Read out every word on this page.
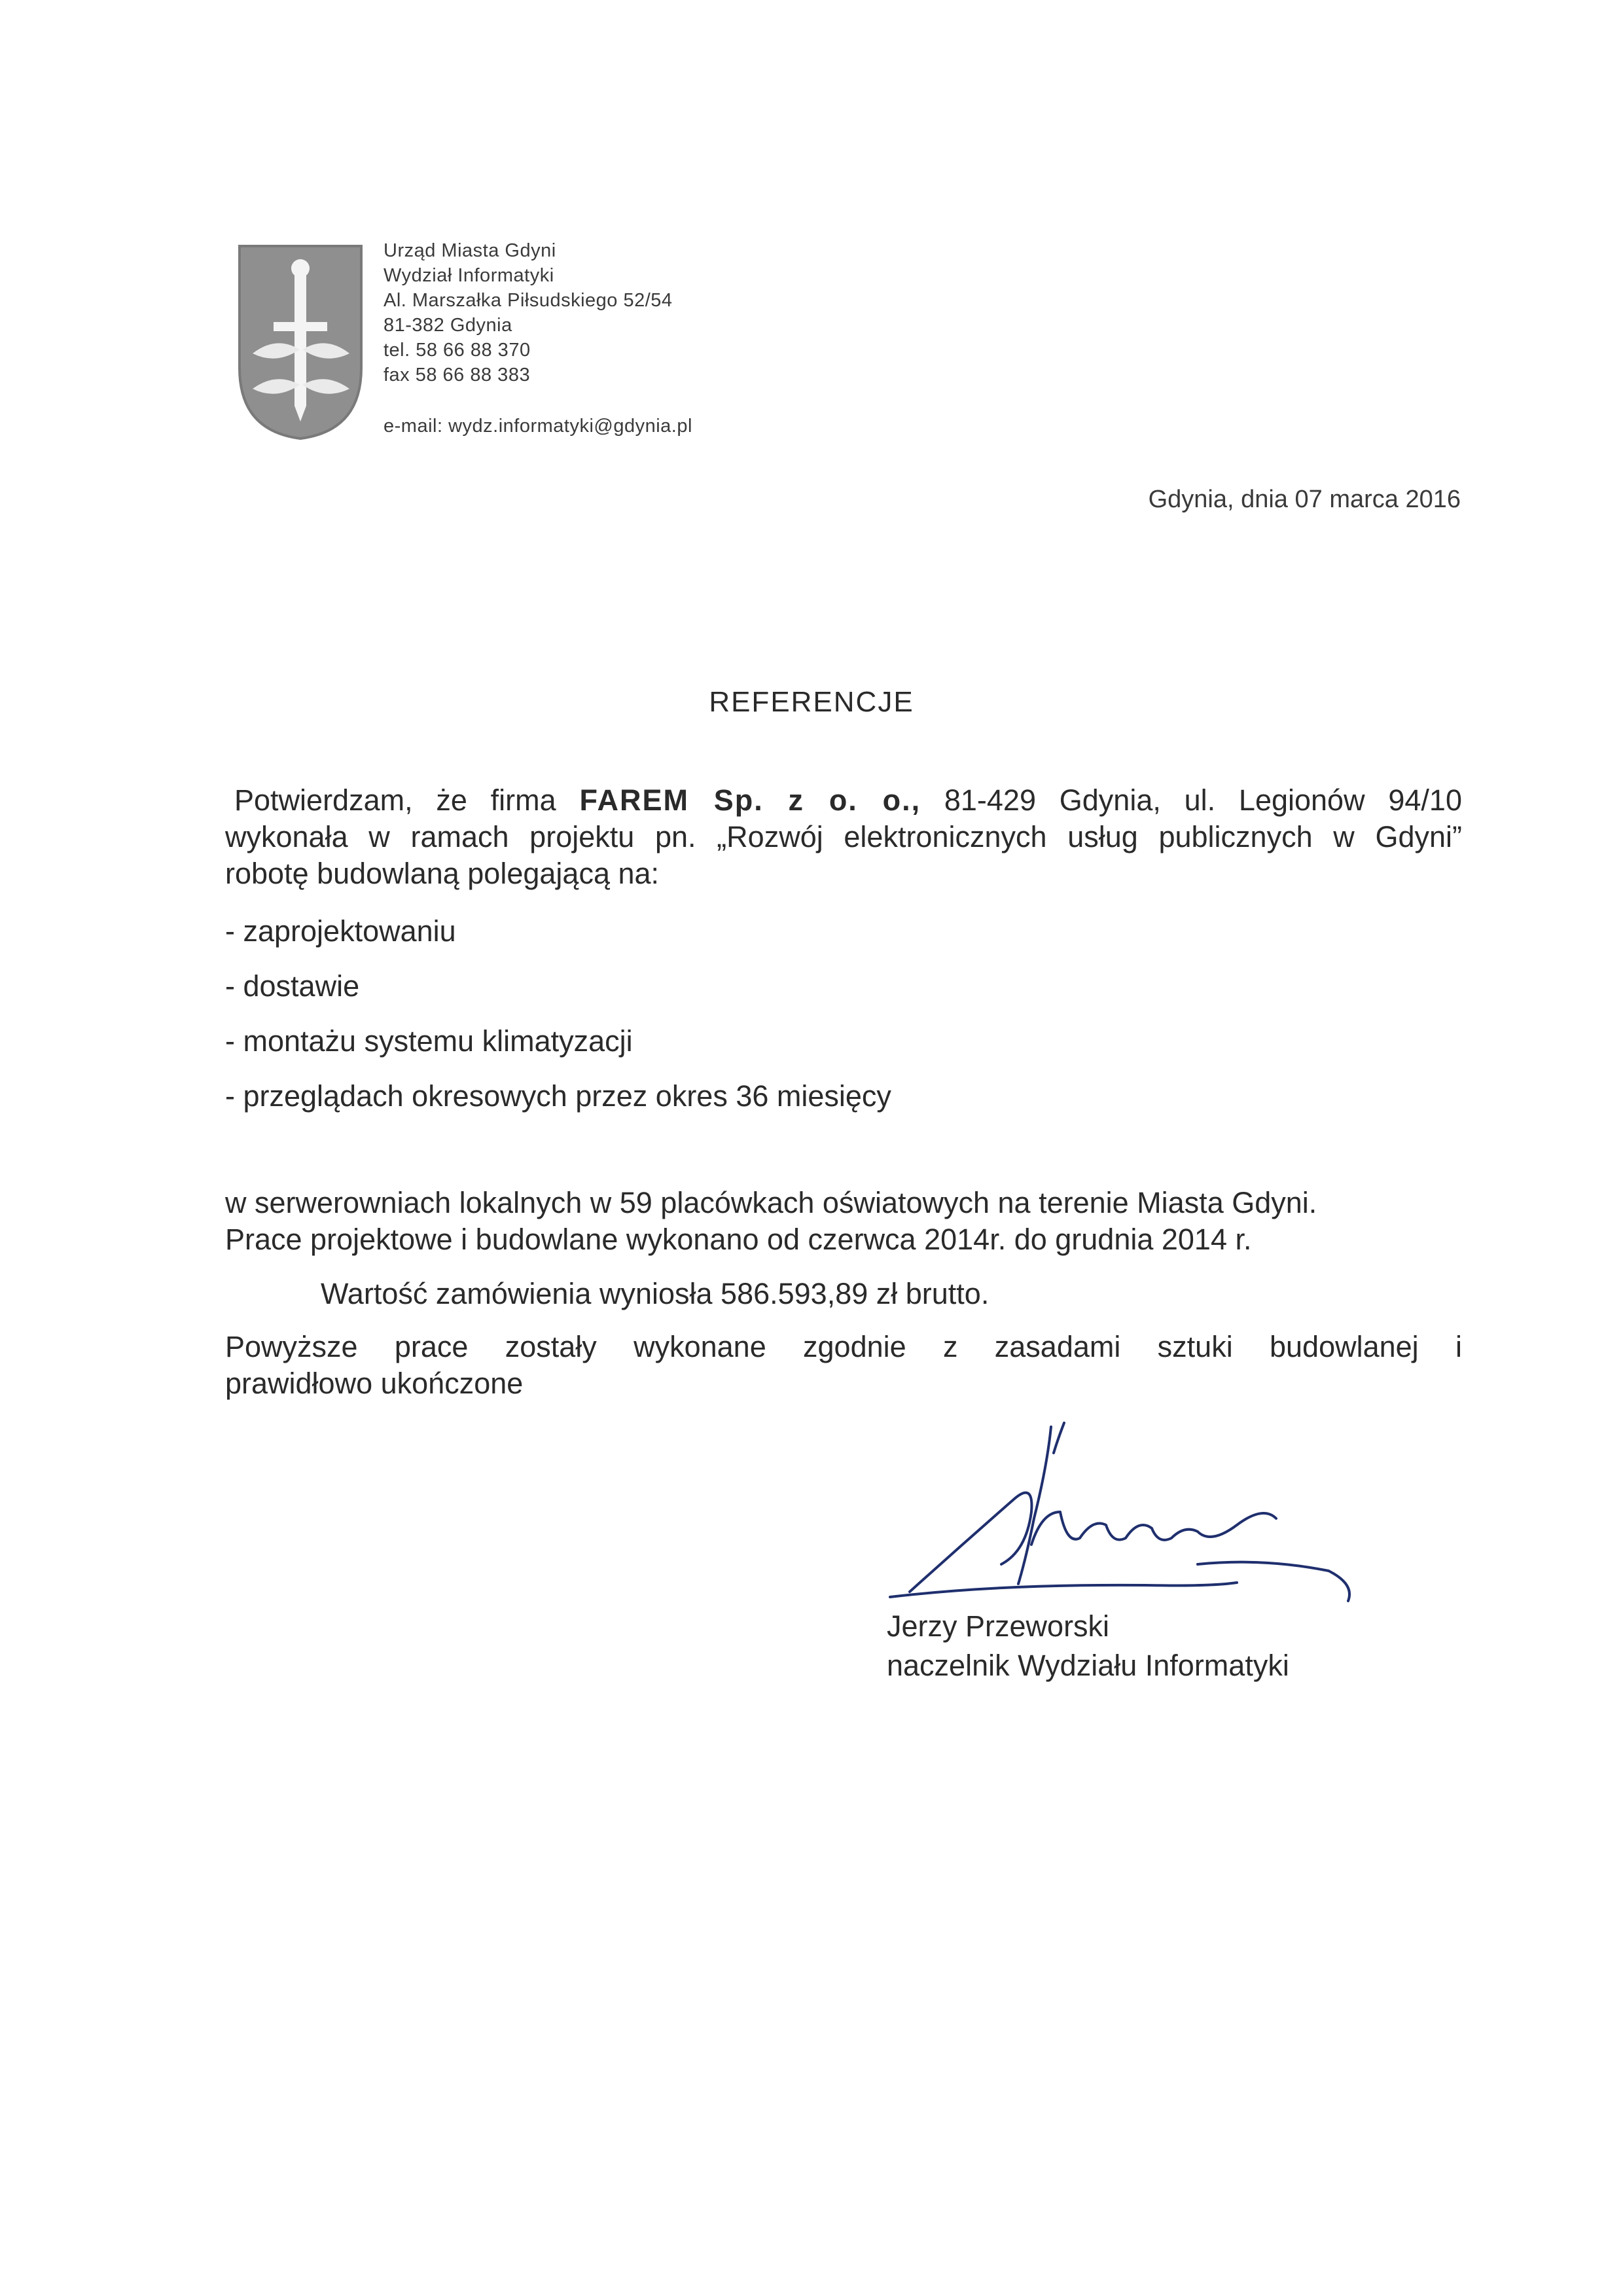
Urząd Miasta Gdyni
Wydział Informatyki
Al. Marszałka Piłsudskiego 52/54
81-382 Gdynia
tel. 58 66 88 370
fax 58 66 88 383
e-mail: wydz.informatyki@gdynia.pl
Gdynia, dnia 07 marca 2016
REFERENCJE
Potwierdzam, że firma FAREM Sp. z o. o., 81-429 Gdynia, ul. Legionów 94/10
wykonała w ramach projektu pn. „Rozwój elektronicznych usług publicznych w Gdyni”
robotę budowlaną polegającą na:
- zaprojektowaniu
- dostawie
- montażu systemu klimatyzacji
- przeglądach okresowych przez okres 36 miesięcy
w serwerowniach lokalnych w 59 placówkach oświatowych na terenie Miasta Gdyni.
Prace projektowe i budowlane wykonano od czerwca 2014r. do grudnia 2014 r.
Wartość zamówienia wyniosła 586.593,89 zł brutto.
Powyższe prace zostały wykonane zgodnie z zasadami sztuki budowlanej i
prawidłowo ukończone
Jerzy Przeworski
naczelnik Wydziału Informatyki
